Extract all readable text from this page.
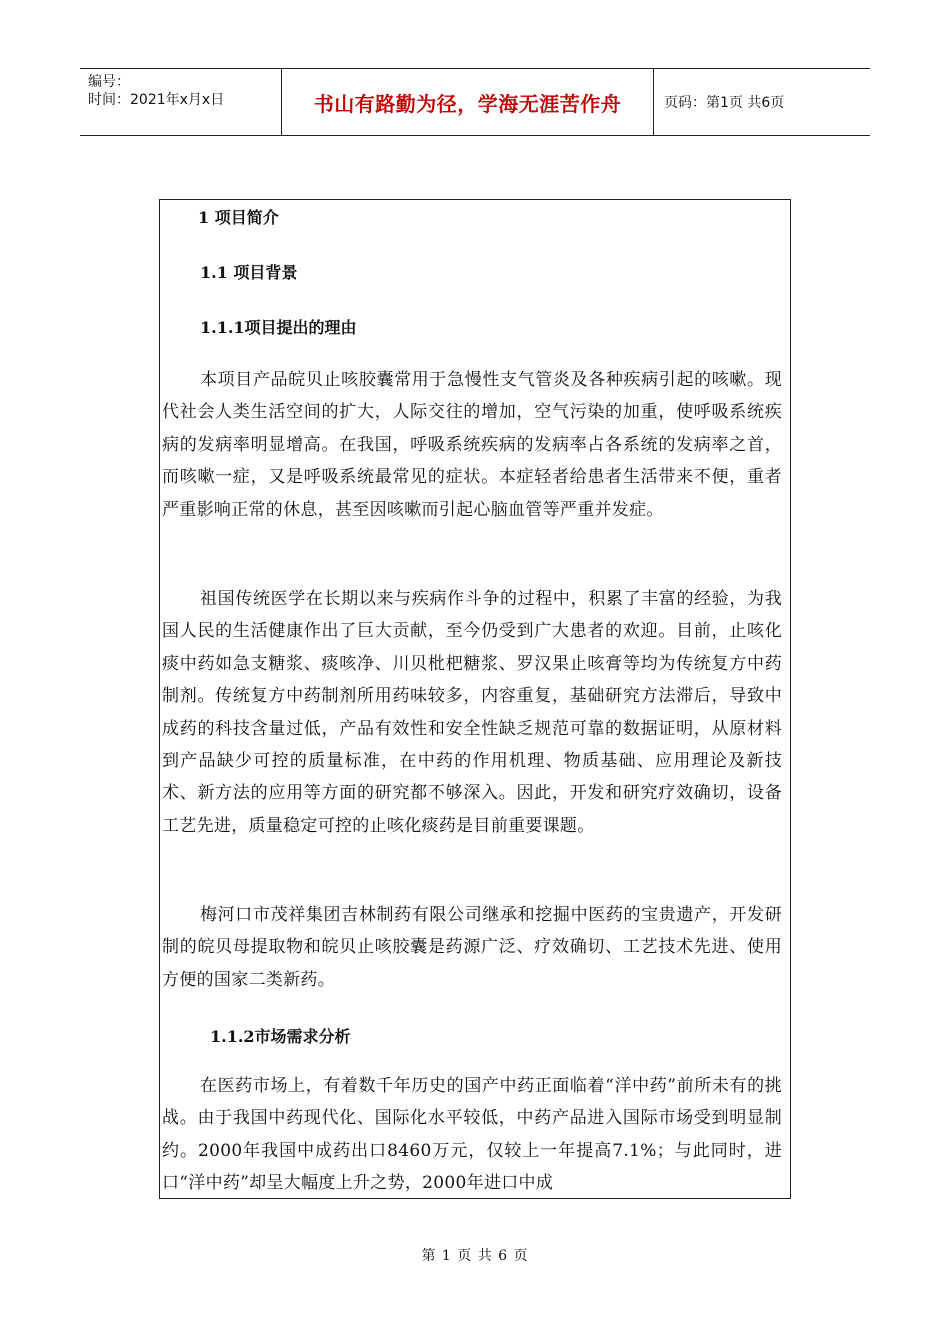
编号：
时间：2021年x月x日	书山有路勤为径，学海无涯苦作舟	页码：第1页 共6页
1 项目简介
1.1 项目背景
1.1.1项目提出的理由
本项目产品皖贝止咳胶囊常用于急慢性支气管炎及各种疾病引起的咳嗽。现代社会人类生活空间的扩大，人际交往的增加，空气污染的加重，使呼吸系统疾病的发病率明显增高。在我国，呼吸系统疾病的发病率占各系统的发病率之首，而咳嗽一症，又是呼吸系统最常见的症状。本症轻者给患者生活带来不便，重者严重影响正常的休息，甚至因咳嗽而引起心脑血管等严重并发症。
祖国传统医学在长期以来与疾病作斗争的过程中，积累了丰富的经验，为我国人民的生活健康作出了巨大贡献，至今仍受到广大患者的欢迎。目前，止咳化痰中药如急支糖浆、痰咳净、川贝枇杷糖浆、罗汉果止咳膏等均为传统复方中药制剂。传统复方中药制剂所用药味较多，内容重复，基础研究方法滞后，导致中成药的科技含量过低，产品有效性和安全性缺乏规范可靠的数据证明，从原材料到产品缺少可控的质量标准，在中药的作用机理、物质基础、应用理论及新技术、新方法的应用等方面的研究都不够深入。因此，开发和研究疗效确切，设备工艺先进，质量稳定可控的止咳化痰药是目前重要课题。
梅河口市茂祥集团吉林制药有限公司继承和挖掘中医药的宝贵遗产，开发研制的皖贝母提取物和皖贝止咳胶囊是药源广泛、疗效确切、工艺技术先进、使用方便的国家二类新药。
1.1.2市场需求分析
在医药市场上，有着数千年历史的国产中药正面临着“洋中药”前所未有的挑战。由于我国中药现代化、国际化水平较低，中药产品进入国际市场受到明显制约。2000年我国中成药出口8460万元，仅较上一年提高7.1%；与此同时，进口“洋中药”却呈大幅度上升之势，2000年进口中成
第 1 页 共 6 页
